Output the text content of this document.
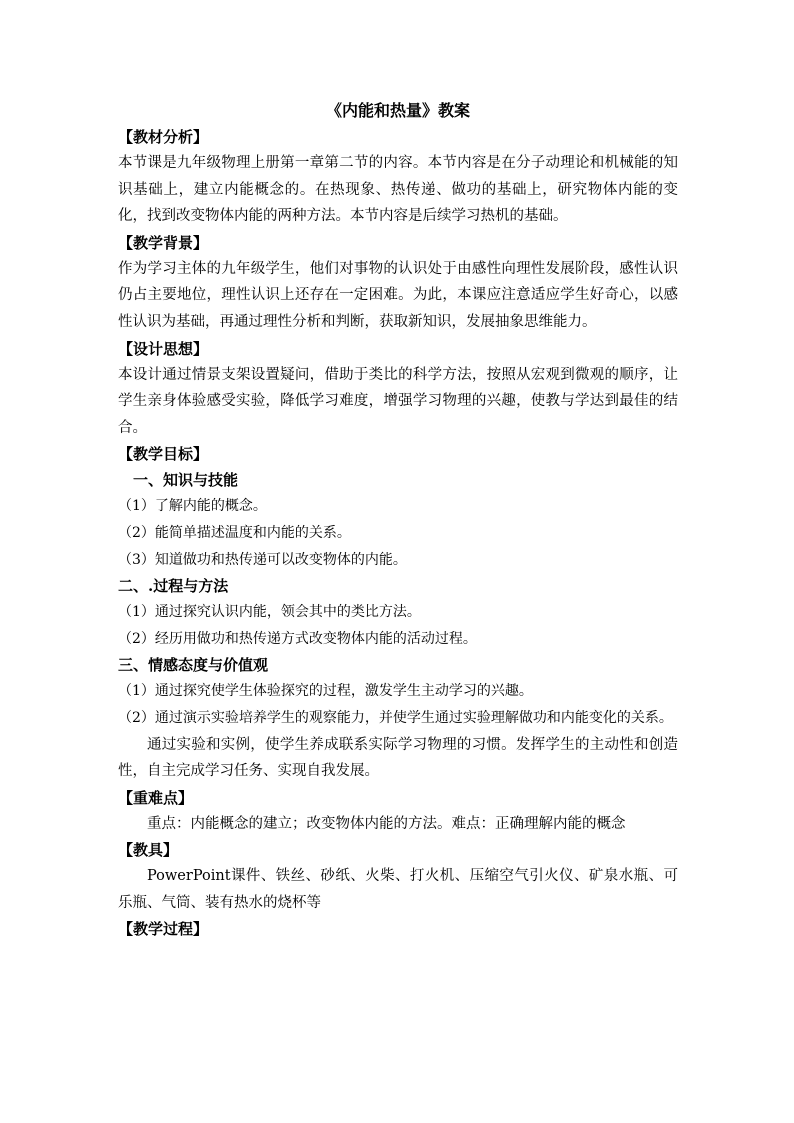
《内能和热量》教案

【教材分析】

本节课是九年级物理上册第一章第二节的内容。本节内容是在分子动理论和机械能的知识基础上，建立内能概念的。在热现象、热传递、做功的基础上，研究物体内能的变化，找到改变物体内能的两种方法。本节内容是后续学习热机的基础。

【教学背景】

作为学习主体的九年级学生，他们对事物的认识处于由感性向理性发展阶段，感性认识仍占主要地位，理性认识上还存在一定困难。为此，本课应注意适应学生好奇心，以感性认识为基础，再通过理性分析和判断，获取新知识，发展抽象思维能力。

【设计思想】

本设计通过情景支架设置疑问，借助于类比的科学方法，按照从宏观到微观的顺序，让学生亲身体验感受实验，降低学习难度，增强学习物理的兴趣，使教与学达到最佳的结合。

【教学目标】

一、知识与技能

（1）了解内能的概念。

（2）能简单描述温度和内能的关系。

（3）知道做功和热传递可以改变物体的内能。

二、.过程与方法

（1）通过探究认识内能，领会其中的类比方法。

（2）经历用做功和热传递方式改变物体内能的活动过程。

三、情感态度与价值观

（1）通过探究使学生体验探究的过程，激发学生主动学习的兴趣。

（2）通过演示实验培养学生的观察能力，并使学生通过实验理解做功和内能变化的关系。

通过实验和实例，使学生养成联系实际学习物理的习惯。发挥学生的主动性和创造性，自主完成学习任务、实现自我发展。

【重难点】

重点：内能概念的建立；改变物体内能的方法。难点：正确理解内能的概念

【教具】

PowerPoint课件、铁丝、砂纸、火柴、打火机、压缩空气引火仪、矿泉水瓶、可乐瓶、气筒、装有热水的烧杯等

【教学过程】
